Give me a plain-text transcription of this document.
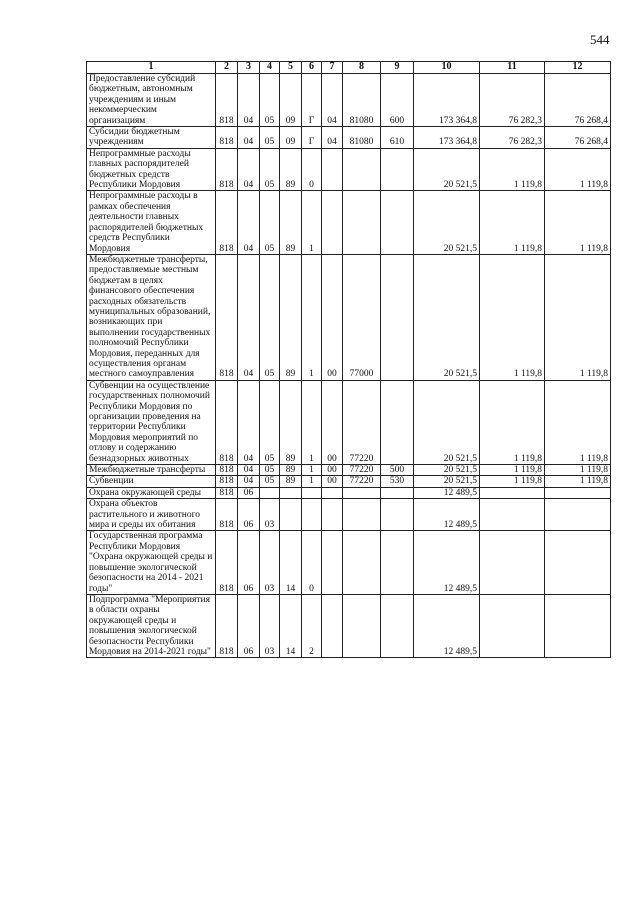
544
1	2	3	4	5	6	7	8	9	10	11	12
Предоставление субсидий бюджетным, автономным учреждениям и иным некоммерческим организациям	818	04	05	09	Г	04	81080	600	173 364,8	76 282,3	76 268,4
Субсидии бюджетным учреждениям	818	04	05	09	Г	04	81080	610	173 364,8	76 282,3	76 268,4
Непрограммные расходы главных распорядителей бюджетных средств Республики Мордовия	818	04	05	89	0				20 521,5	1 119,8	1 119,8
Непрограммные расходы в рамках обеспечения деятельности главных распорядителей бюджетных средств Республики Мордовия	818	04	05	89	1				20 521,5	1 119,8	1 119,8
Межбюджетные трансферты, предоставляемые местным бюджетам в целях финансового обеспечения расходных обязательств муниципальных образований, возникающих при выполнении государственных полномочий Республики Мордовия, переданных для осуществления органам местного самоуправления	818	04	05	89	1	00	77000		20 521,5	1 119,8	1 119,8
Субвенции на осуществление государственных полномочий Республики Мордовия по организации проведения на территории Республики Мордовия мероприятий по отлову и содержанию безнадзорных животных	818	04	05	89	1	00	77220		20 521,5	1 119,8	1 119,8
Межбюджетные трансферты	818	04	05	89	1	00	77220	500	20 521,5	1 119,8	1 119,8
Субвенции	818	04	05	89	1	00	77220	530	20 521,5	1 119,8	1 119,8
Охрана окружающей среды	818	06							12 489,5		
Охрана объектов растительного и животного мира и среды их обитания	818	06	03						12 489,5		
Государственная программа Республики Мордовия "Охрана окружающей среды и повышение экологической безопасности на 2014 - 2021 годы"	818	06	03	14	0				12 489,5		
Подпрограмма "Мероприятия в области охраны окружающей среды и повышения экологической безопасности Республики Мордовия на 2014-2021 годы"	818	06	03	14	2				12 489,5		
